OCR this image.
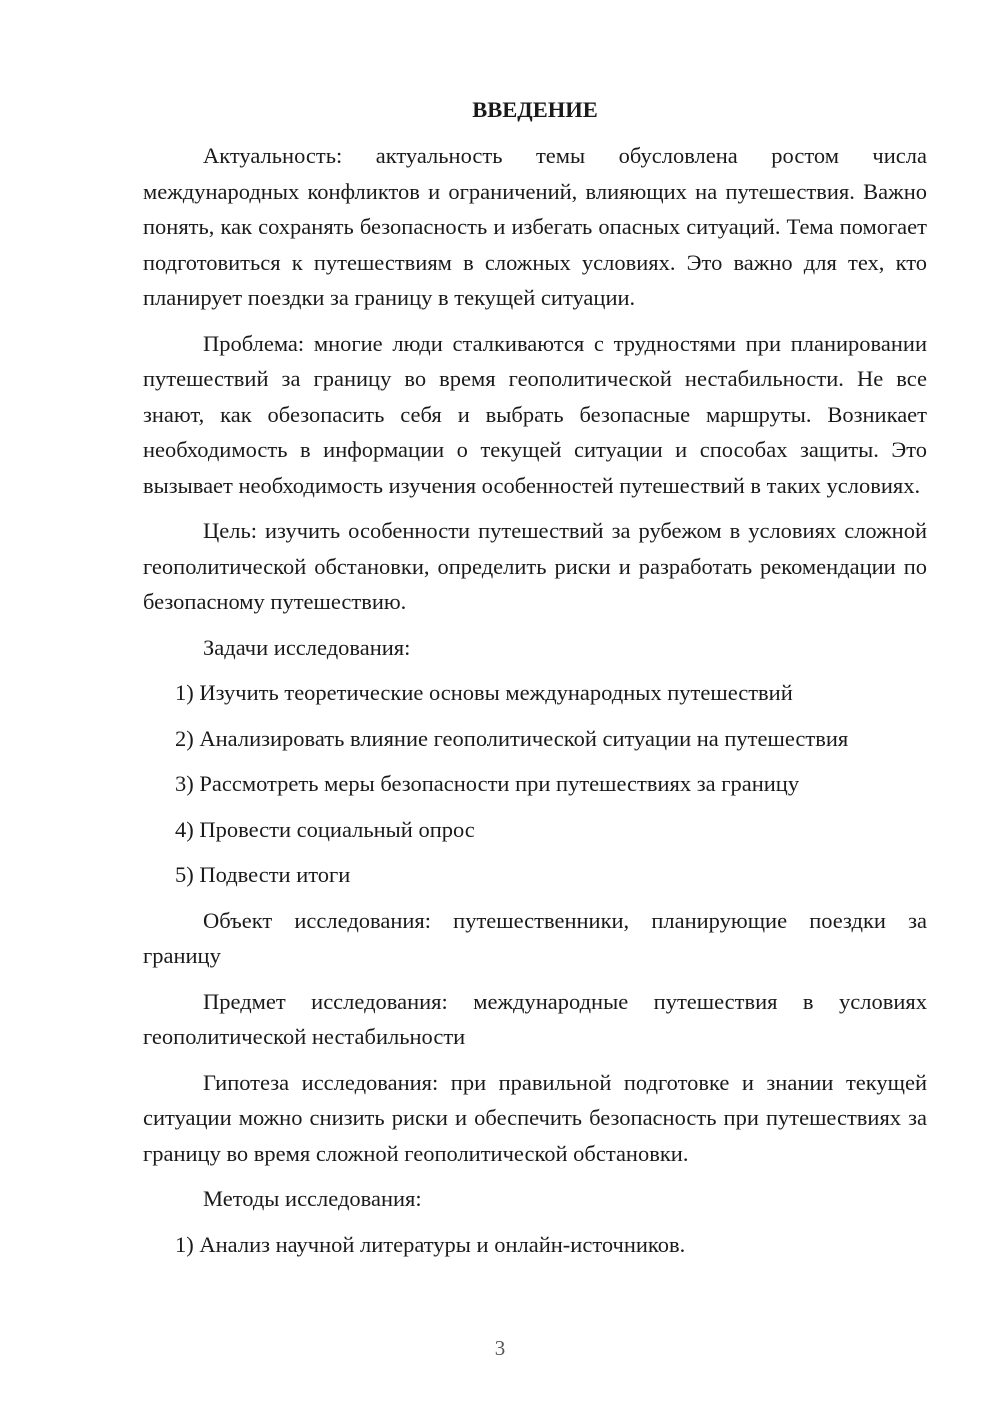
ВВЕДЕНИЕ
Актуальность: актуальность темы обусловлена ростом числа международных конфликтов и ограничений, влияющих на путешествия. Важно понять, как сохранять безопасность и избегать опасных ситуаций. Тема помогает подготовиться к путешествиям в сложных условиях. Это важно для тех, кто планирует поездки за границу в текущей ситуации.
Проблема: многие люди сталкиваются с трудностями при планировании путешествий за границу во время геополитической нестабильности. Не все знают, как обезопасить себя и выбрать безопасные маршруты. Возникает необходимость в информации о текущей ситуации и способах защиты. Это вызывает необходимость изучения особенностей путешествий в таких условиях.
Цель: изучить особенности путешествий за рубежом в условиях сложной геополитической обстановки, определить риски и разработать рекомендации по безопасному путешествию.
Задачи исследования:
1) Изучить теоретические основы международных путешествий
2) Анализировать влияние геополитической ситуации на путешествия
3) Рассмотреть меры безопасности при путешествиях за границу
4) Провести социальный опрос
5) Подвести итоги
Объект исследования: путешественники, планирующие поездки за границу
Предмет исследования: международные путешествия в условиях геополитической нестабильности
Гипотеза исследования: при правильной подготовке и знании текущей ситуации можно снизить риски и обеспечить безопасность при путешествиях за границу во время сложной геополитической обстановки.
Методы исследования:
1) Анализ научной литературы и онлайн-источников.
3
